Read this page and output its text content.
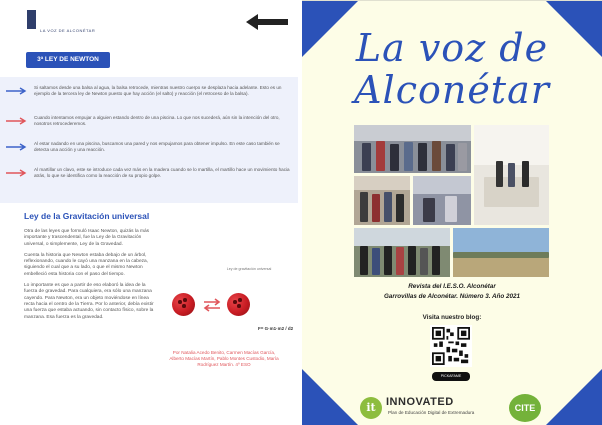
LA VOZ DE ALCONÉTAR
3ª LEY DE NEWTON
Si saltamos desde una balsa al agua, la balsa retrocede, mientras nuestro cuerpo se desplaza hacia adelante. Esto es un ejemplo de la tercera ley de Newton puesto que hay acción (el salto) y reacción (el retroceso de la balsa).
Cuando intentamos empujar a alguien estando dentro de una piscina. Lo que nos sucederá, aún sin la intención del otro, nosotros retrocederemos.
Al estar nadando en una piscina, buscamos una pared y nos empujamos para obtener impulso. En este caso también se detecta una acción y una reacción.
Al martillar un clavo, este se introduce cada vez más en la madera cuando se lo martilla, el martillo hace un movimiento hacia atrás, lo que se identifica como la reacción de su propio golpe.
Ley de la Gravitación universal

Otra de las leyes que formuló Isaac Newton, quizás la más importante y trascendental, fue la Ley de la Gravitación universal, o simplemente, Ley de la Gravedad.

Cuenta la historia que Newton estaba debajo de un árbol, reflexionando, cuando le cayó una manzana en la cabeza, siguiendo el cual que a su lado, o que el mismo Newton embelleció esta historia con el paso del tiempo.

Lo importante es que a partir de eso elaboró la idea de la fuerza de gravedad. Para cualquiera, era sólo una manzana cayendo. Para Newton, era un objeto moviéndose en línea recta hacia el centro de la Tierra. Por lo anterior, debía existir una fuerza que estaba actuando, sin contacto físico, sobre la manzana. Esa fuerza es la gravedad.

Ley de gravitación universal
F= G·m1·m2 / d2
Por Natalia Acedo Benito, Carmen Macías García, Alberto Macías Martín, Pablo Montes Custodio, María Rodríguez Martín. 4º ESO
La voz de
Alconétar
Revista del I.E.S.O. Alconétar
Garrovillas de Alconétar. Número 3. Año 2021
Visita nuestro blog:
PICKAFAME
it INNOVATED
Plan de Educación Digital de Extremadura	CITE
